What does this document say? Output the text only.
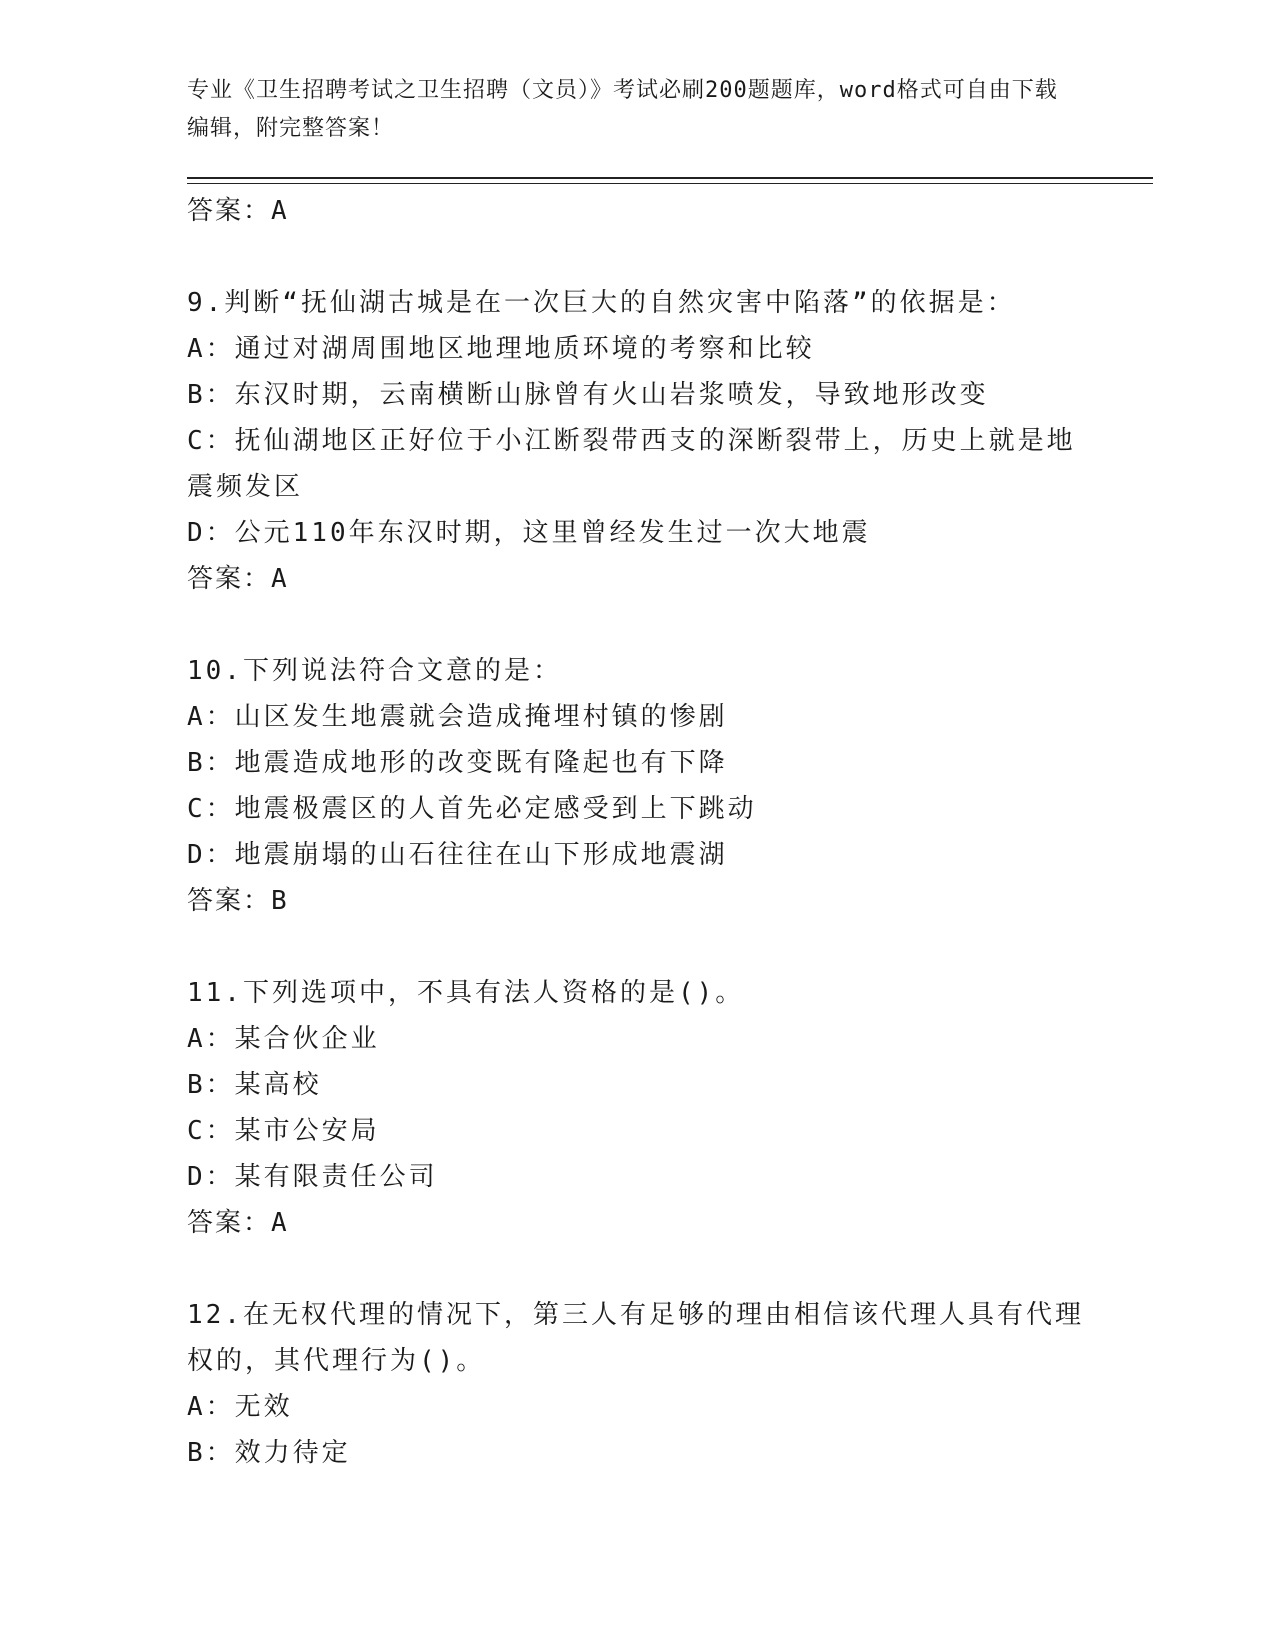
专业《卫生招聘考试之卫生招聘（文员）》考试必刷200题题库，word格式可自由下载编辑，附完整答案！

答案：A

9.判断“抚仙湖古城是在一次巨大的自然灾害中陷落”的依据是：

A：通过对湖周围地区地理地质环境的考察和比较

B：东汉时期，云南横断山脉曾有火山岩浆喷发，导致地形改变

C：抚仙湖地区正好位于小江断裂带西支的深断裂带上，历史上就是地震频发区

D：公元110年东汉时期，这里曾经发生过一次大地震

答案：A

10.下列说法符合文意的是：

A：山区发生地震就会造成掩埋村镇的惨剧

B：地震造成地形的改变既有隆起也有下降

C：地震极震区的人首先必定感受到上下跳动

D：地震崩塌的山石往往在山下形成地震湖

答案：B

11.下列选项中，不具有法人资格的是()。

A：某合伙企业

B：某高校

C：某市公安局

D：某有限责任公司

答案：A

12.在无权代理的情况下，第三人有足够的理由相信该代理人具有代理权的，其代理行为()。

A：无效

B：效力待定
